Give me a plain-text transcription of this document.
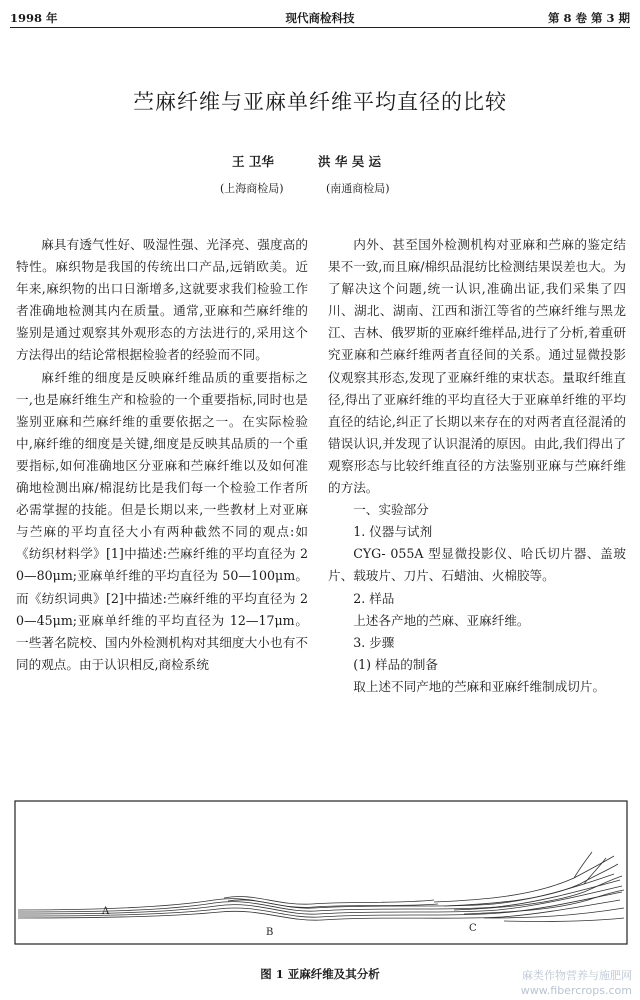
1998 年	现代商检科技	第 8 卷 第 3 期
苎麻纤维与亚麻单纤维平均直径的比较
王 卫华	洪 华 吴 运
(上海商检局)	(南通商检局)

麻具有透气性好、吸湿性强、光泽亮、强度高的特性。麻织物是我国的传统出口产品,远销欧美。近年来,麻织物的出口日渐增多,这就要求我们检验工作者准确地检测其内在质量。通常,亚麻和苎麻纤维的鉴别是通过观察其外观形态的方法进行的,采用这个方法得出的结论常根据检验者的经验而不同。

麻纤维的细度是反映麻纤维品质的重要指标之一,也是麻纤维生产和检验的一个重要指标,同时也是鉴别亚麻和苎麻纤维的重要依据之一。在实际检验中,麻纤维的细度是关键,细度是反映其品质的一个重要指标,如何准确地区分亚麻和苎麻纤维以及如何准确地检测出麻/棉混纺比是我们每一个检验工作者所必需掌握的技能。但是长期以来,一些教材上对亚麻与苎麻的平均直径大小有两种截然不同的观点:如《纺织材料学》[1]中描述:苎麻纤维的平均直径为 20—80μm;亚麻单纤维的平均直径为 50—100μm。而《纺织词典》[2]中描述:苎麻纤维的平均直径为 20—45μm;亚麻单纤维的平均直径为 12—17μm。一些著名院校、国内外检测机构对其细度大小也有不同的观点。由于认识相反,商检系统

内外、甚至国外检测机构对亚麻和苎麻的鉴定结果不一致,而且麻/棉织品混纺比检测结果误差也大。为了解决这个问题,统一认识,准确出证,我们采集了四川、湖北、湖南、江西和浙江等省的苎麻纤维与黑龙江、吉林、俄罗斯的亚麻纤维样品,进行了分析,着重研究亚麻和苎麻纤维两者直径间的关系。通过显微投影仪观察其形态,发现了亚麻纤维的束状态。量取纤维直径,得出了亚麻纤维的平均直径大于亚麻单纤维的平均直径的结论,纠正了长期以来存在的对两者直径混淆的错误认识,并发现了认识混淆的原因。由此,我们得出了观察形态与比较纤维直径的方法鉴别亚麻与苎麻纤维的方法。

一、实验部分

1. 仪器与试剂

CYG- 055A 型显微投影仪、哈氏切片器、盖玻片、载玻片、刀片、石蜡油、火棉胶等。

2. 样品

上述各产地的苎麻、亚麻纤维。

3. 步骤

(1) 样品的制备

取上述不同产地的苎麻和亚麻纤维制成切片。

A
B	C
图 1 亚麻纤维及其分析	麻类作物营养与施肥网
www.fibercrops.com
